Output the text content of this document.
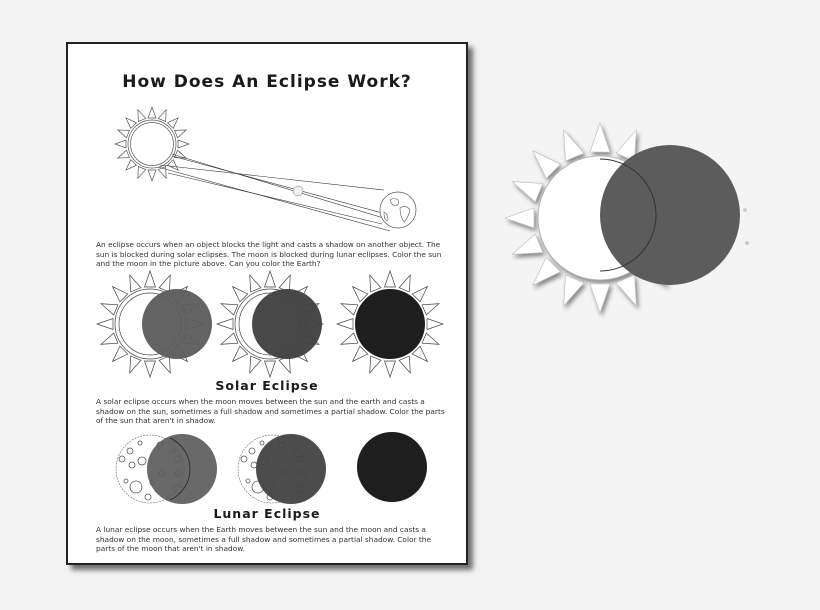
How Does An Eclipse Work?
An eclipse occurs when an object blocks the light and casts a shadow on another object. The sun is blocked during solar eclipses. The moon is blocked during lunar eclipses. Color the sun and the moon in the picture above. Can you color the Earth?
Solar Eclipse
A solar eclipse occurs when the moon moves between the sun and the earth and casts a shadow on the sun, sometimes a full shadow and sometimes a partial shadow. Color the parts of the sun that aren't in shadow.
Lunar Eclipse
A lunar eclipse occurs when the Earth moves between the sun and the moon and casts a shadow on the moon, sometimes a full shadow and sometimes a partial shadow. Color the parts of the moon that aren't in shadow.
